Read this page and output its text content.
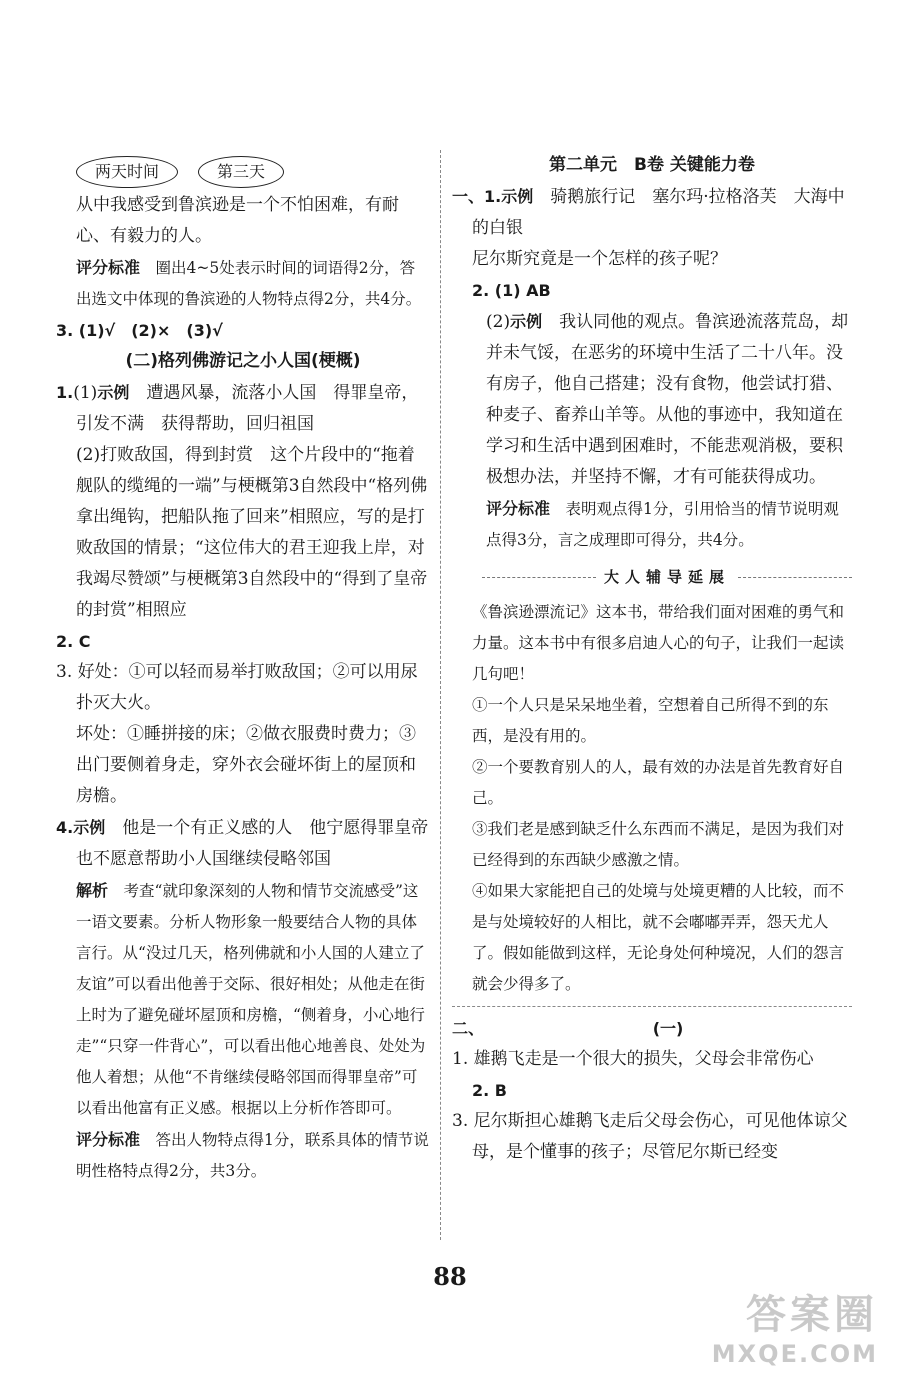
两天时间	第三天

从中我感受到鲁滨逊是一个不怕困难，有耐心、有毅力的人。

评分标准　 圈出4~5处表示时间的词语得2分，答出选文中体现的鲁滨逊的人物特点得2分，共4分。

3. (1)√　(2)×　(3)√

(二)格列佛游记之小人国(梗概)

1.(1)示例　 遭遇风暴，流落小人国　得罪皇帝，引发不满　获得帮助，回归祖国

(2)打败敌国，得到封赏　这个片段中的“拖着舰队的缆绳的一端”与梗概第3自然段中“格列佛拿出绳钩，把船队拖了回来”相照应，写的是打败敌国的情景；“这位伟大的君王迎我上岸，对我竭尽赞颂”与梗概第3自然段中的“得到了皇帝的封赏”相照应

2. C

3. 好处：①可以轻而易举打败敌国；②可以用尿扑灭大火。

坏处：①睡拼接的床；②做衣服费时费力；③出门要侧着身走，穿外衣会碰坏街上的屋顶和房檐。

4.示例　 他是一个有正义感的人　他宁愿得罪皇帝也不愿意帮助小人国继续侵略邻国

解析　 考查“就印象深刻的人物和情节交流感受”这一语文要素。分析人物形象一般要结合人物的具体言行。从“没过几天，格列佛就和小人国的人建立了友谊”可以看出他善于交际、很好相处；从他走在街上时为了避免碰坏屋顶和房檐，“侧着身，小心地行走”“只穿一件背心”，可以看出他心地善良、处处为他人着想；从他“不肯继续侵略邻国而得罪皇帝”可以看出他富有正义感。根据以上分析作答即可。

评分标准　 答出人物特点得1分，联系具体的情节说明性格特点得2分，共3分。

第二单元　B卷 关键能力卷

一、1.示例　 骑鹅旅行记　塞尔玛·拉格洛芙　大海中的白银

尼尔斯究竟是一个怎样的孩子呢？

2. (1) AB

(2)示例　 我认同他的观点。鲁滨逊流落荒岛，却并未气馁，在恶劣的环境中生活了二十八年。没有房子，他自己搭建；没有食物，他尝试打猎、种麦子、畜养山羊等。从他的事迹中，我知道在学习和生活中遇到困难时，不能悲观消极，要积极想办法，并坚持不懈，才有可能获得成功。

评分标准　 表明观点得1分，引用恰当的情节说明观点得3分，言之成理即可得分，共4分。

大人辅导延展

《鲁滨逊漂流记》这本书，带给我们面对困难的勇气和力量。这本书中有很多启迪人心的句子，让我们一起读几句吧！

①一个人只是呆呆地坐着，空想着自己所得不到的东西，是没有用的。

②一个要教育别人的人，最有效的办法是首先教育好自己。

③我们老是感到缺乏什么东西而不满足，是因为我们对已经得到的东西缺少感激之情。

④如果大家能把自己的处境与处境更糟的人比较，而不是与处境较好的人相比，就不会嘟嘟弄弄，怨天尤人了。假如能做到这样，无论身处何种境况，人们的怨言就会少得多了。

二、	(一)

1. 雄鹅飞走是一个很大的损失，父母会非常伤心

2. B

3. 尼尔斯担心雄鹅飞走后父母会伤心，可见他体谅父母，是个懂事的孩子；尽管尼尔斯已经变

88
答案圈
MXQE.COM
